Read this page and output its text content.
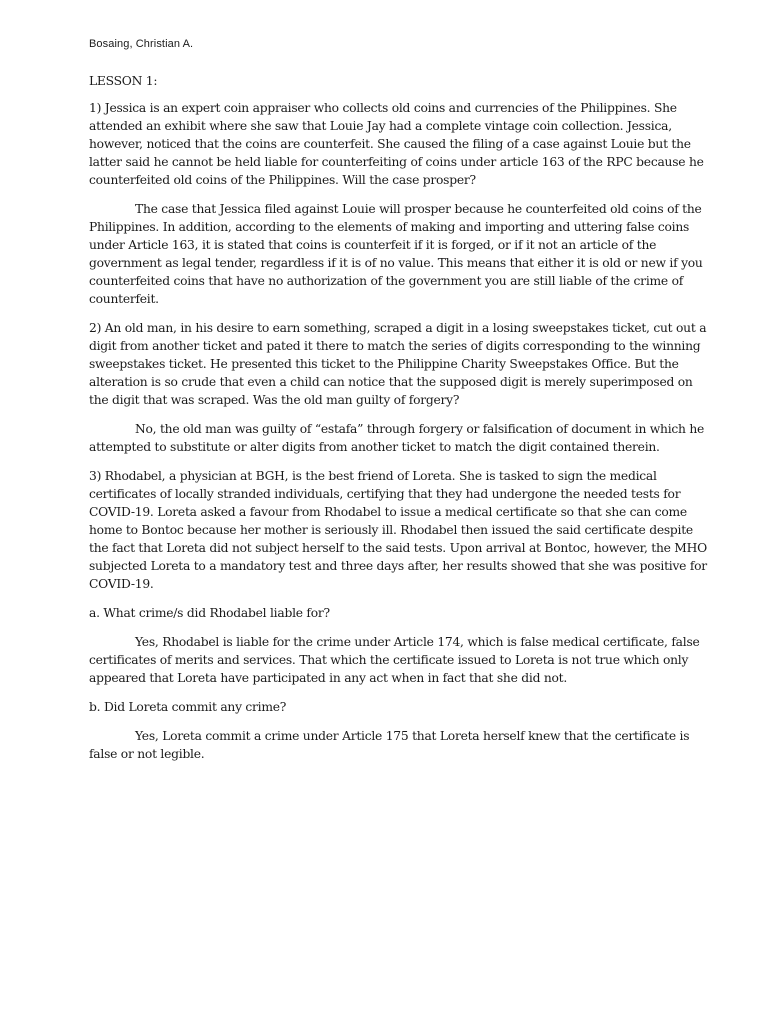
Bosaing, Christian A.

LESSON 1:

1) Jessica is an expert coin appraiser who collects old coins and currencies of the Philippines. She attended an exhibit where she saw that Louie Jay had a complete vintage coin collection. Jessica, however, noticed that the coins are counterfeit. She caused the filing of a case against Louie but the latter said he cannot be held liable for counterfeiting of coins under article 163 of the RPC because he counterfeited old coins of the Philippines. Will the case prosper?

The case that Jessica filed against Louie will prosper because he counterfeited old coins of the Philippines. In addition, according to the elements of making and importing and uttering false coins under Article 163, it is stated that coins is counterfeit if it is forged, or if it not an article of the government as legal tender, regardless if it is of no value. This means that either it is old or new if you counterfeited coins that have no authorization of the government you are still liable of the crime of counterfeit.

2) An old man, in his desire to earn something, scraped a digit in a losing sweepstakes ticket, cut out a digit from another ticket and pated it there to match the series of digits corresponding to the winning sweepstakes ticket. He presented this ticket to the Philippine Charity Sweepstakes Office. But the alteration is so crude that even a child can notice that the supposed digit is merely superimposed on the digit that was scraped. Was the old man guilty of forgery?

No, the old man was guilty of “estafa” through forgery or falsification of document in which he attempted to substitute or alter digits from another ticket to match the digit contained therein.

3) Rhodabel, a physician at BGH, is the best friend of Loreta. She is tasked to sign the medical certificates of locally stranded individuals, certifying that they had undergone the needed tests for COVID-19. Loreta asked a favour from Rhodabel to issue a medical certificate so that she can come home to Bontoc because her mother is seriously ill. Rhodabel then issued the said certificate despite the fact that Loreta did not subject herself to the said tests. Upon arrival at Bontoc, however, the MHO subjected Loreta to a mandatory test and three days after, her results showed that she was positive for COVID-19.

a. What crime/s did Rhodabel liable for?

Yes, Rhodabel is liable for the crime under Article 174, which is false medical certificate, false certificates of merits and services. That which the certificate issued to Loreta is not true which only appeared that Loreta have participated in any act when in fact that she did not.

b. Did Loreta commit any crime?

Yes, Loreta commit a crime under Article 175 that Loreta herself knew that the certificate is false or not legible.
